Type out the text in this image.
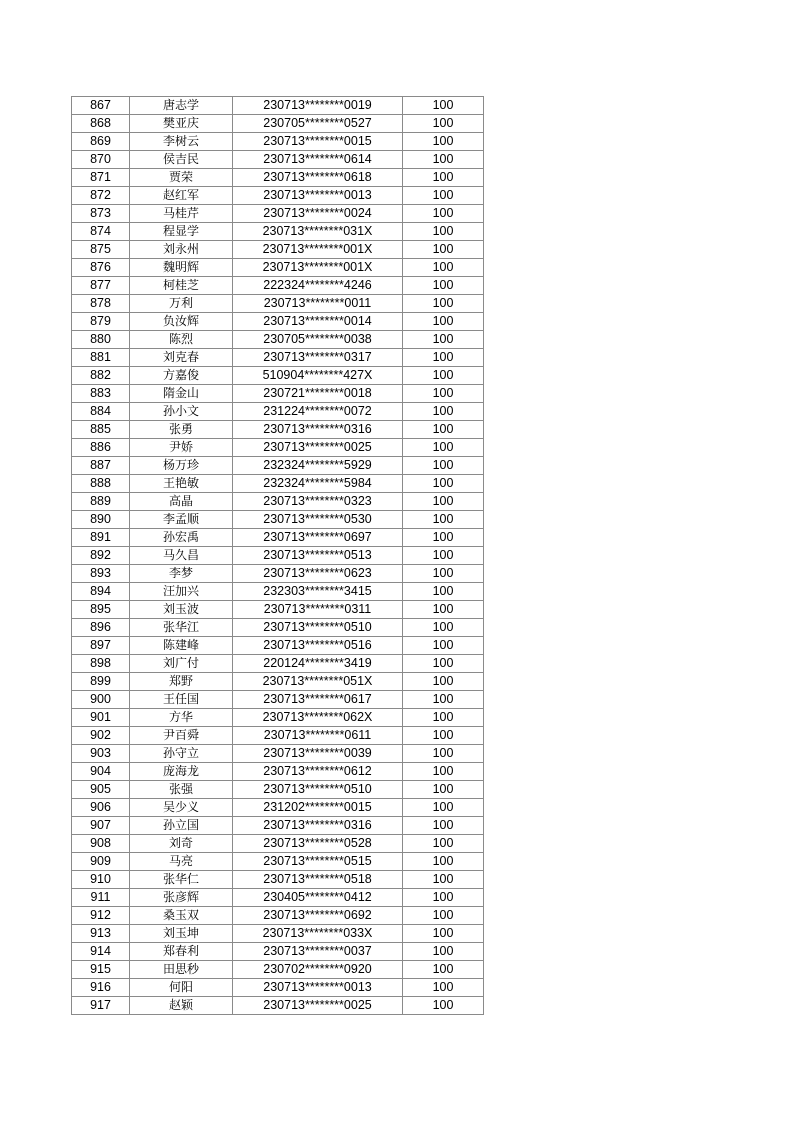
867	唐志学	230713********0019	100
868	樊亚庆	230705********0527	100
869	李树云	230713********0015	100
870	侯吉民	230713********0614	100
871	贾荣	230713********0618	100
872	赵红军	230713********0013	100
873	马桂芹	230713********0024	100
874	程显学	230713********031X	100
875	刘永州	230713********001X	100
876	魏明辉	230713********001X	100
877	柯桂芝	222324********4246	100
878	万利	230713********0011	100
879	负汝辉	230713********0014	100
880	陈烈	230705********0038	100
881	刘克春	230713********0317	100
882	方嘉俊	510904********427X	100
883	隋金山	230721********0018	100
884	孙小文	231224********0072	100
885	张勇	230713********0316	100
886	尹娇	230713********0025	100
887	杨万珍	232324********5929	100
888	王艳敏	232324********5984	100
889	高晶	230713********0323	100
890	李孟顺	230713********0530	100
891	孙宏禹	230713********0697	100
892	马久昌	230713********0513	100
893	李梦	230713********0623	100
894	汪加兴	232303********3415	100
895	刘玉波	230713********0311	100
896	张华江	230713********0510	100
897	陈建峰	230713********0516	100
898	刘广付	220124********3419	100
899	郑野	230713********051X	100
900	王任国	230713********0617	100
901	方华	230713********062X	100
902	尹百舜	230713********0611	100
903	孙守立	230713********0039	100
904	庞海龙	230713********0612	100
905	张强	230713********0510	100
906	吴少义	231202********0015	100
907	孙立国	230713********0316	100
908	刘奇	230713********0528	100
909	马亮	230713********0515	100
910	张华仁	230713********0518	100
911	张彦辉	230405********0412	100
912	桑玉双	230713********0692	100
913	刘玉坤	230713********033X	100
914	郑春利	230713********0037	100
915	田思秒	230702********0920	100
916	何阳	230713********0013	100
917	赵颖	230713********0025	100
